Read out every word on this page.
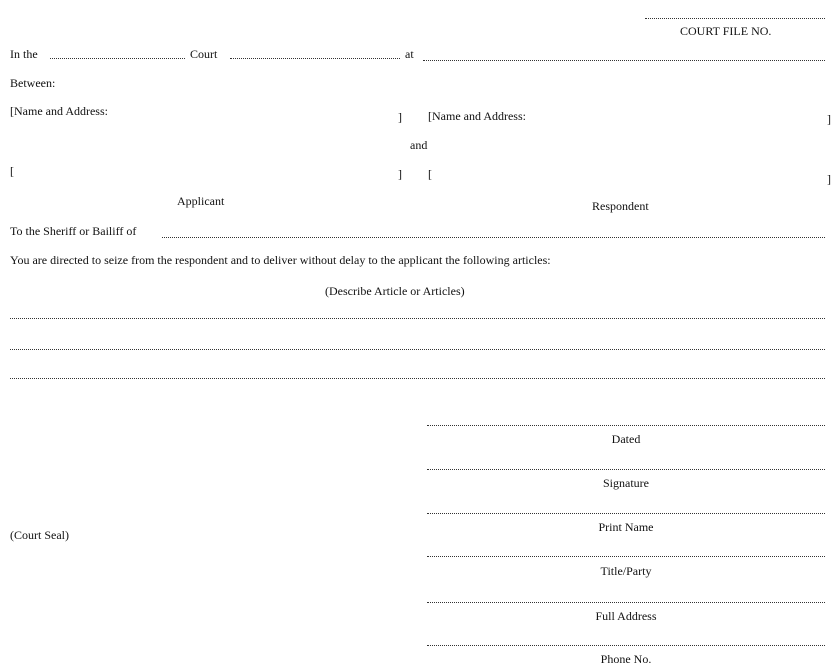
COURT FILE NO.
In the	Court	at
Between:
[Name and Address:	] [Name and Address:	]
and
[	] [	]
Applicant	Respondent
To the Sheriff or Bailiff of
You are directed to seize from the respondent and to deliver without delay to the applicant the following articles:
(Describe Article or Articles)
(Court Seal)
Dated
Signature
Print Name
Title/Party
Full Address
Phone No.
